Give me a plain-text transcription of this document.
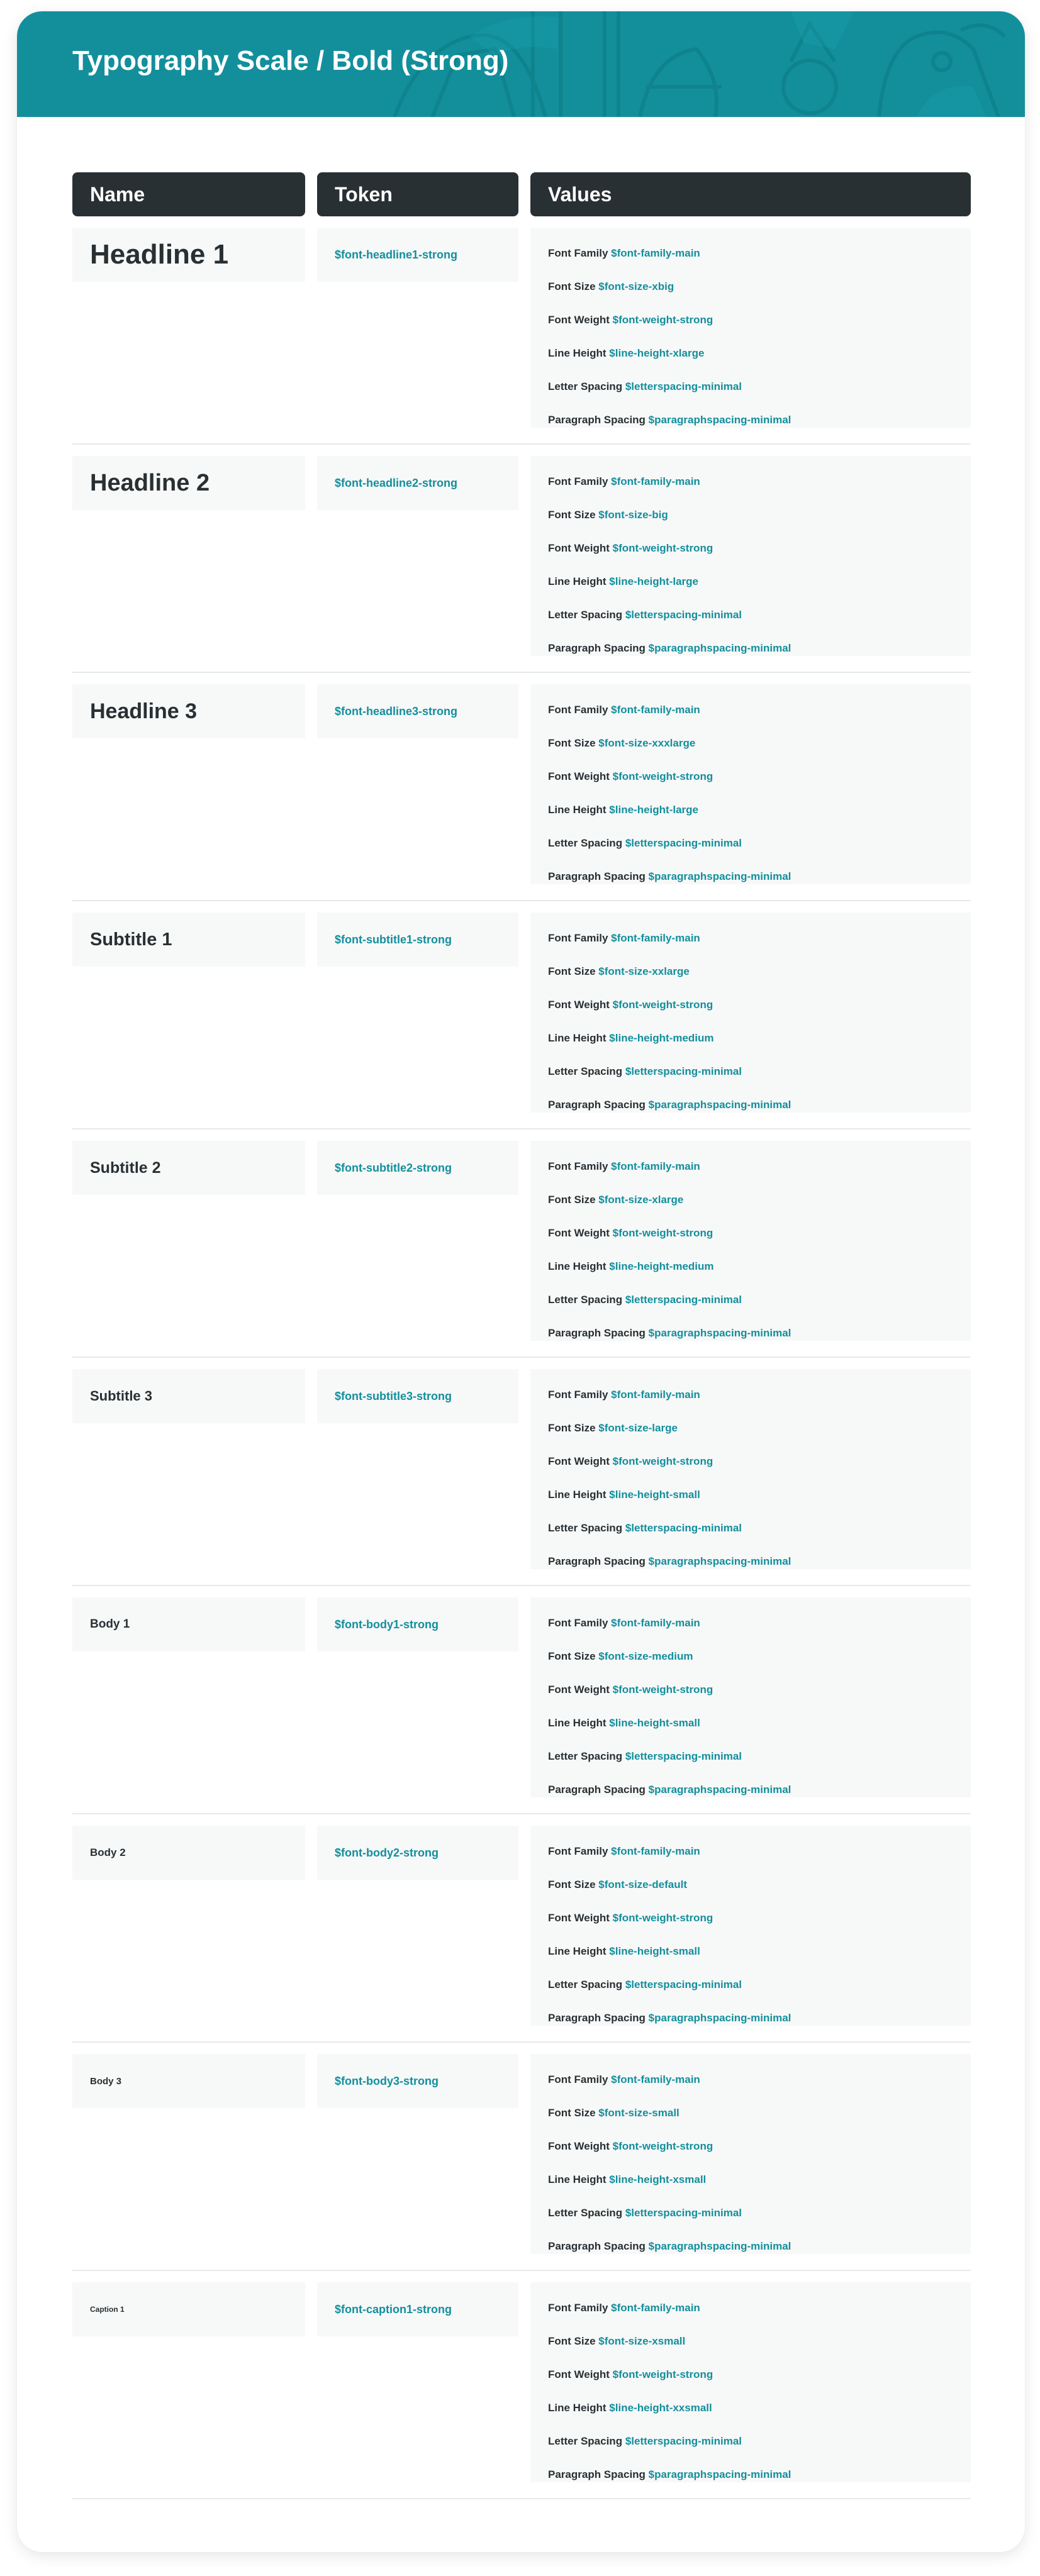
Typography Scale / Bold (Strong)
Name	Token	Values
Headline 1	$font-headline1-strong	Font Family $font-family-main
Font Size $font-size-xbig
Font Weight $font-weight-strong
Line Height $line-height-xlarge
Letter Spacing $letterspacing-minimal
Paragraph Spacing $paragraphspacing-minimal
Headline 2	$font-headline2-strong	Font Family $font-family-main
Font Size $font-size-big
Font Weight $font-weight-strong
Line Height $line-height-large
Letter Spacing $letterspacing-minimal
Paragraph Spacing $paragraphspacing-minimal
Headline 3	$font-headline3-strong	Font Family $font-family-main
Font Size $font-size-xxxlarge
Font Weight $font-weight-strong
Line Height $line-height-large
Letter Spacing $letterspacing-minimal
Paragraph Spacing $paragraphspacing-minimal
Subtitle 1	$font-subtitle1-strong	Font Family $font-family-main
Font Size $font-size-xxlarge
Font Weight $font-weight-strong
Line Height $line-height-medium
Letter Spacing $letterspacing-minimal
Paragraph Spacing $paragraphspacing-minimal
Subtitle 2	$font-subtitle2-strong	Font Family $font-family-main
Font Size $font-size-xlarge
Font Weight $font-weight-strong
Line Height $line-height-medium
Letter Spacing $letterspacing-minimal
Paragraph Spacing $paragraphspacing-minimal
Subtitle 3	$font-subtitle3-strong	Font Family $font-family-main
Font Size $font-size-large
Font Weight $font-weight-strong
Line Height $line-height-small
Letter Spacing $letterspacing-minimal
Paragraph Spacing $paragraphspacing-minimal
Body 1	$font-body1-strong	Font Family $font-family-main
Font Size $font-size-medium
Font Weight $font-weight-strong
Line Height $line-height-small
Letter Spacing $letterspacing-minimal
Paragraph Spacing $paragraphspacing-minimal
Body 2	$font-body2-strong	Font Family $font-family-main
Font Size $font-size-default
Font Weight $font-weight-strong
Line Height $line-height-small
Letter Spacing $letterspacing-minimal
Paragraph Spacing $paragraphspacing-minimal
Body 3	$font-body3-strong	Font Family $font-family-main
Font Size $font-size-small
Font Weight $font-weight-strong
Line Height $line-height-xsmall
Letter Spacing $letterspacing-minimal
Paragraph Spacing $paragraphspacing-minimal
Caption 1	$font-caption1-strong	Font Family $font-family-main
Font Size $font-size-xsmall
Font Weight $font-weight-strong
Line Height $line-height-xxsmall
Letter Spacing $letterspacing-minimal
Paragraph Spacing $paragraphspacing-minimal
